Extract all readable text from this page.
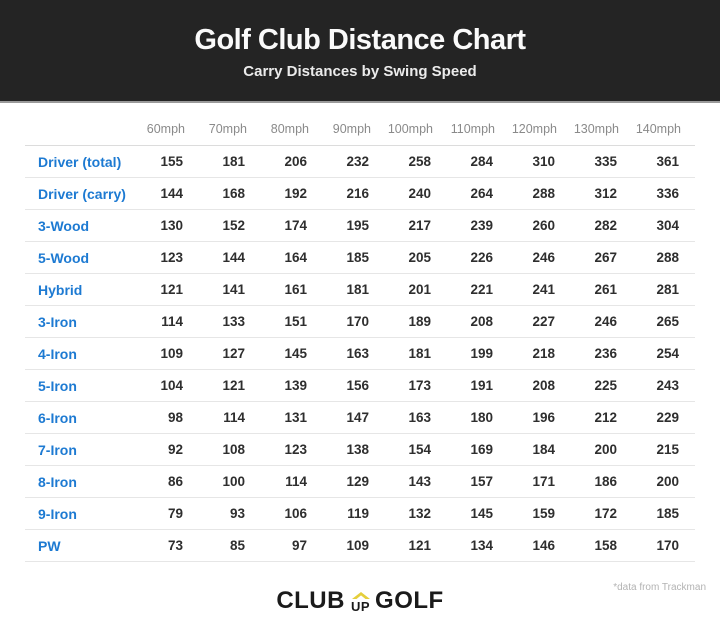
Golf Club Distance Chart
Carry Distances by Swing Speed
	60mph	70mph	80mph	90mph	100mph	110mph	120mph	130mph	140mph
Driver (total)	155	181	206	232	258	284	310	335	361
Driver (carry)	144	168	192	216	240	264	288	312	336
3-Wood	130	152	174	195	217	239	260	282	304
5-Wood	123	144	164	185	205	226	246	267	288
Hybrid	121	141	161	181	201	221	241	261	281
3-Iron	114	133	151	170	189	208	227	246	265
4-Iron	109	127	145	163	181	199	218	236	254
5-Iron	104	121	139	156	173	191	208	225	243
6-Iron	98	114	131	147	163	180	196	212	229
7-Iron	92	108	123	138	154	169	184	200	215
8-Iron	86	100	114	129	143	157	171	186	200
9-Iron	79	93	106	119	132	145	159	172	185
PW	73	85	97	109	121	134	146	158	170
*data from Trackman
CLUB UP GOLF
